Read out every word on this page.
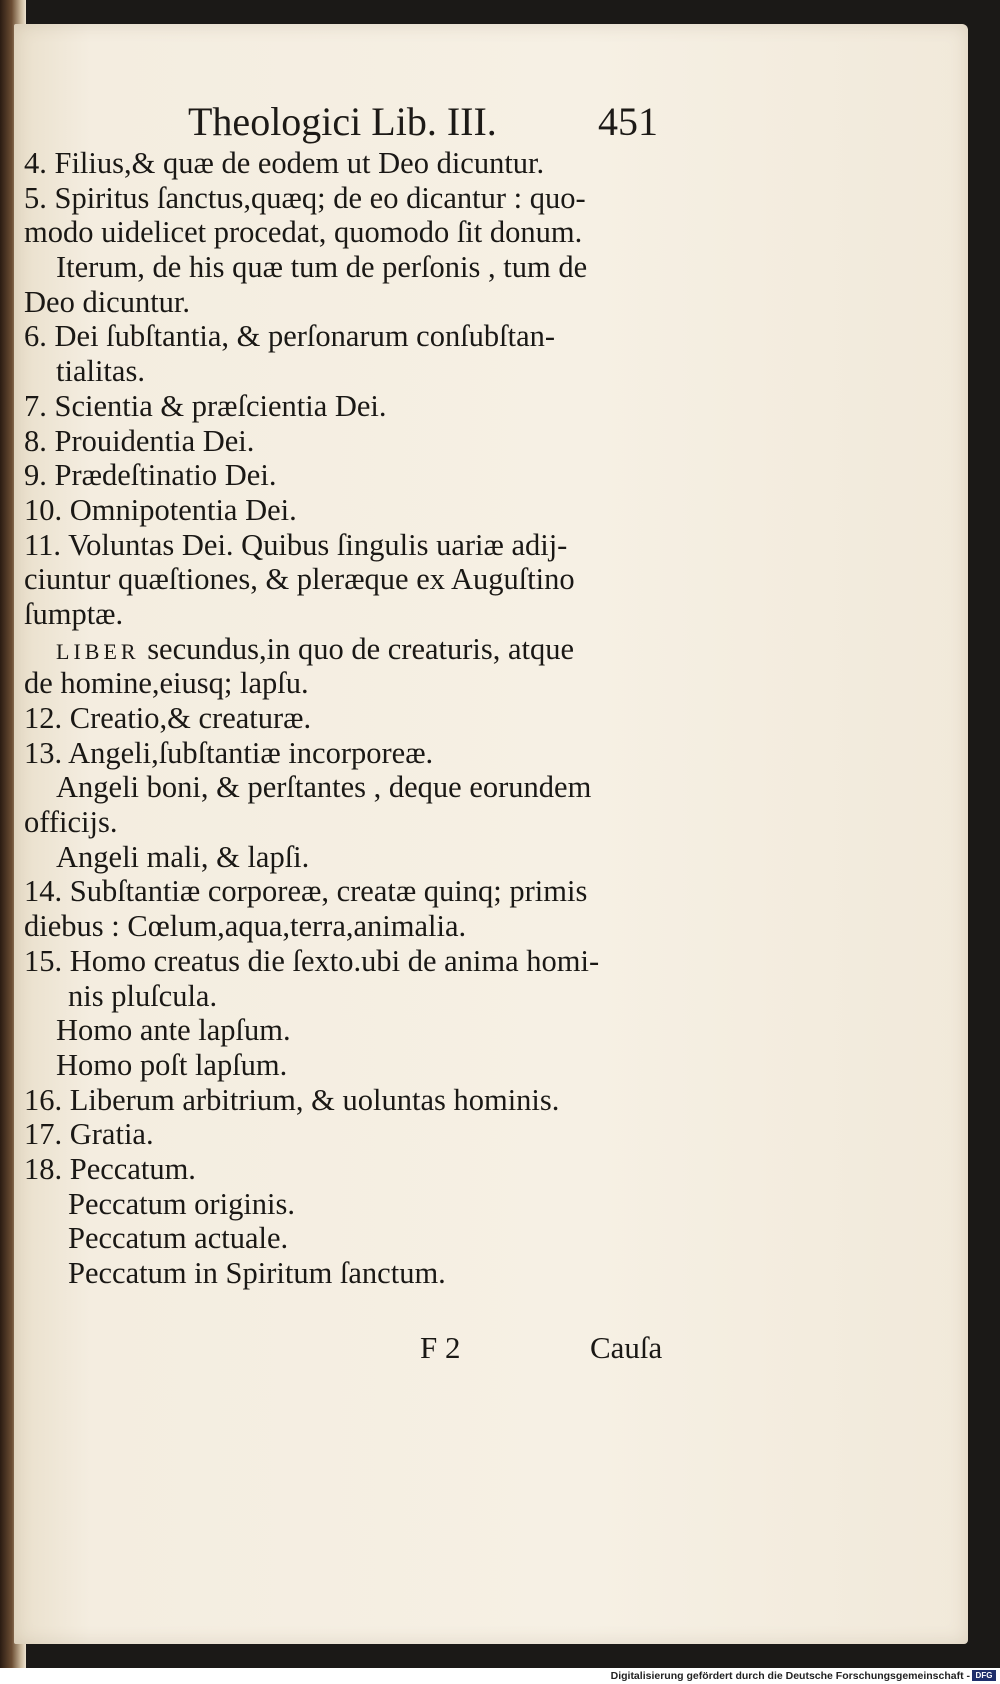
Theologici Lib. III.	451
4. Filius,& quæ de eodem ut Deo dicuntur.
5. Spiritus ſanctus,quæq; de eo dicantur : quo-
modo uidelicet procedat, quomodo ſit donum.
Iterum, de his quæ tum de perſonis , tum de
Deo dicuntur.
6. Dei ſubſtantia, & perſonarum conſubſtan-
tialitas.
7. Scientia & præſcientia Dei.
8. Prouidentia Dei.
9. Prædeſtinatio Dei.
10. Omnipotentia Dei.
11. Voluntas Dei. Quibus ſingulis uariæ adij-
ciuntur quæſtiones, & pleræque ex Auguſtino
ſumptæ.
LIBER secundus,in quo de creaturis, atque
de homine,eiusq; lapſu.
12. Creatio,& creaturæ.
13. Angeli,ſubſtantiæ incorporeæ.
Angeli boni, & perſtantes , deque eorundem
officijs.
Angeli mali, & lapſi.
14. Subſtantiæ corporeæ, creatæ quinq; primis
diebus : Cœlum,aqua,terra,animalia.
15. Homo creatus die ſexto.ubi de anima homi-
nis pluſcula.
Homo ante lapſum.
Homo poſt lapſum.
16. Liberum arbitrium, & uoluntas hominis.
17. Gratia.
18. Peccatum.
Peccatum originis.
Peccatum actuale.
Peccatum in Spiritum ſanctum.
F 2	Cauſa
Digitalisierung gefördert durch die Deutsche Forschungsgemeinschaft - DFG
